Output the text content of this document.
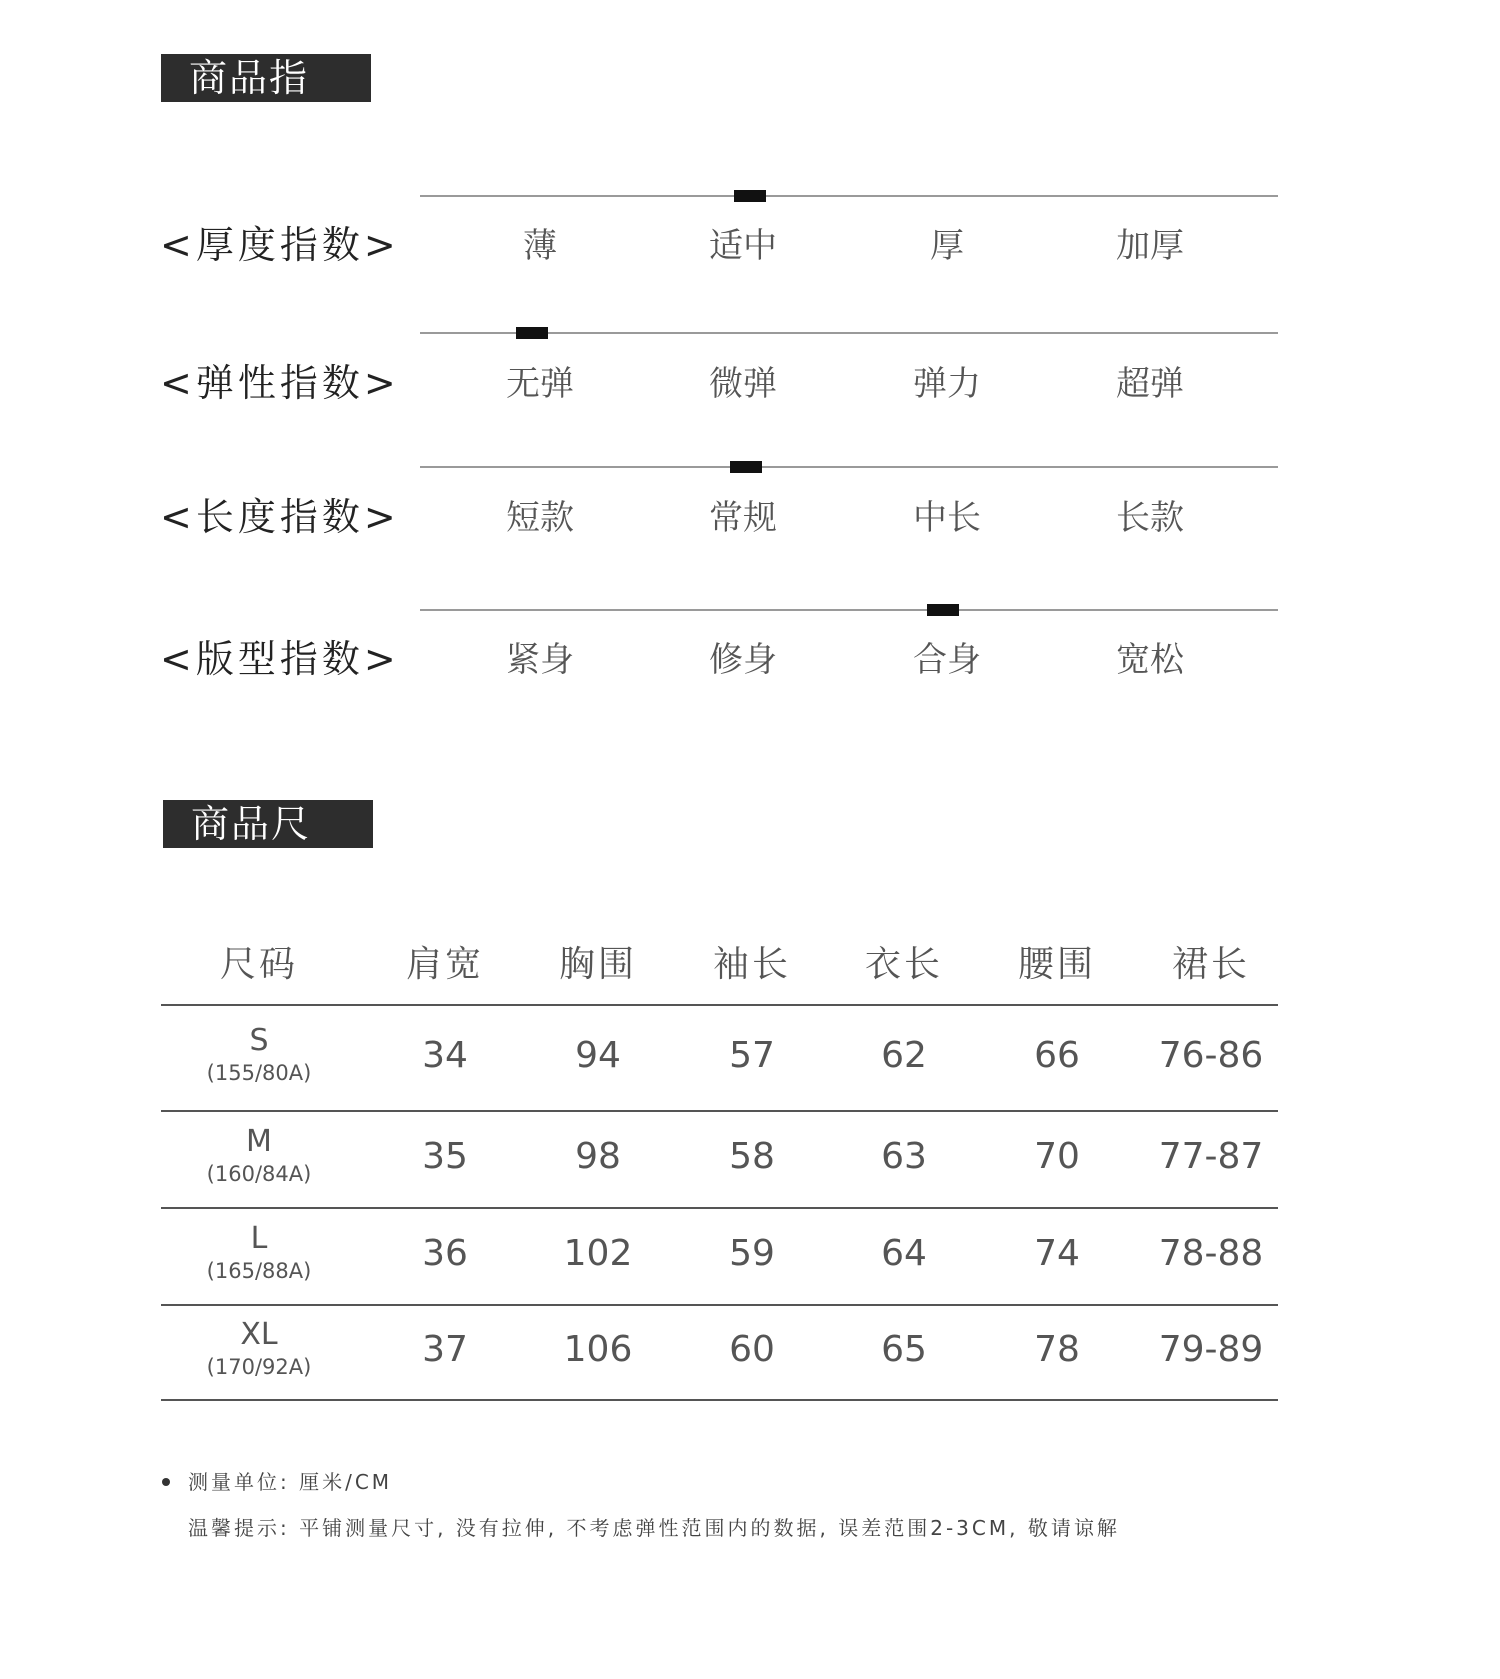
商品指数
<厚度指数>	薄	适中	厚	加厚
<弹性指数>	无弹	微弹	弹力	超弹
<长度指数>	短款	常规	中长	长款
<版型指数>	紧身	修身	合身	宽松
商品尺寸
尺码	肩宽	胸围	袖长	衣长	腰围	裙长
S
(155/80A)	34	94	57	62	66	76-86
M
(160/84A)	35	98	58	63	70	77-87
L
(165/88A)	36	102	59	64	74	78-88
XL
(170/92A)	37	106	60	65	78	79-89
测量单位: 厘米/CM
温馨提示: 平铺测量尺寸, 没有拉伸, 不考虑弹性范围内的数据, 误差范围2-3CM, 敬请谅解
